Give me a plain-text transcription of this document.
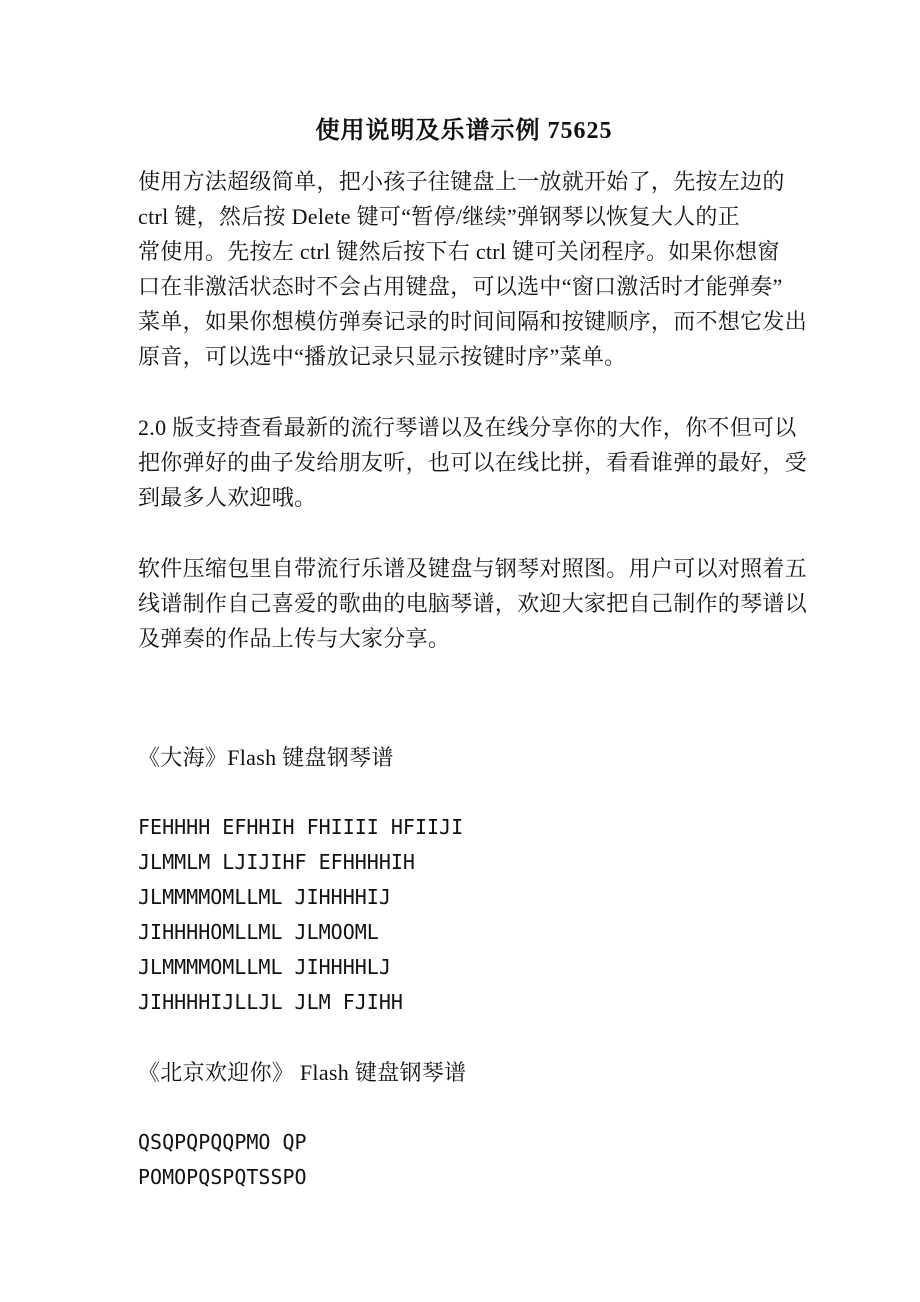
使用说明及乐谱示例 75625
使用方法超级简单，把小孩子往键盘上一放就开始了，先按左边的
ctrl 键，然后按 Delete 键可“暂停/继续”弹钢琴以恢复大人的正
常使用。先按左 ctrl 键然后按下右 ctrl 键可关闭程序。如果你想窗
口在非激活状态时不会占用键盘，可以选中“窗口激活时才能弹奏”
菜单，如果你想模仿弹奏记录的时间间隔和按键顺序，而不想它发出
原音，可以选中“播放记录只显示按键时序”菜单。
2.0 版支持查看最新的流行琴谱以及在线分享你的大作，你不但可以
把你弹好的曲子发给朋友听，也可以在线比拼，看看谁弹的最好，受
到最多人欢迎哦。
软件压缩包里自带流行乐谱及键盘与钢琴对照图。用户可以对照着五
线谱制作自己喜爱的歌曲的电脑琴谱，欢迎大家把自己制作的琴谱以
及弹奏的作品上传与大家分享。
《大海》Flash 键盘钢琴谱
FEHHHH EFHHIH FHIIII HFIIJI
JLMMLM LJIJIHF EFHHHHIH
JLMMMMOMLLML JIHHHHIJ
JIHHHHOMLLML JLMOOML
JLMMMMOMLLML JIHHHHLJ
JIHHHHIJLLJL JLM FJIHH
《北京欢迎你》 Flash 键盘钢琴谱
QSQPQPQQPMO QP
POMOPQSPQTSSPO
